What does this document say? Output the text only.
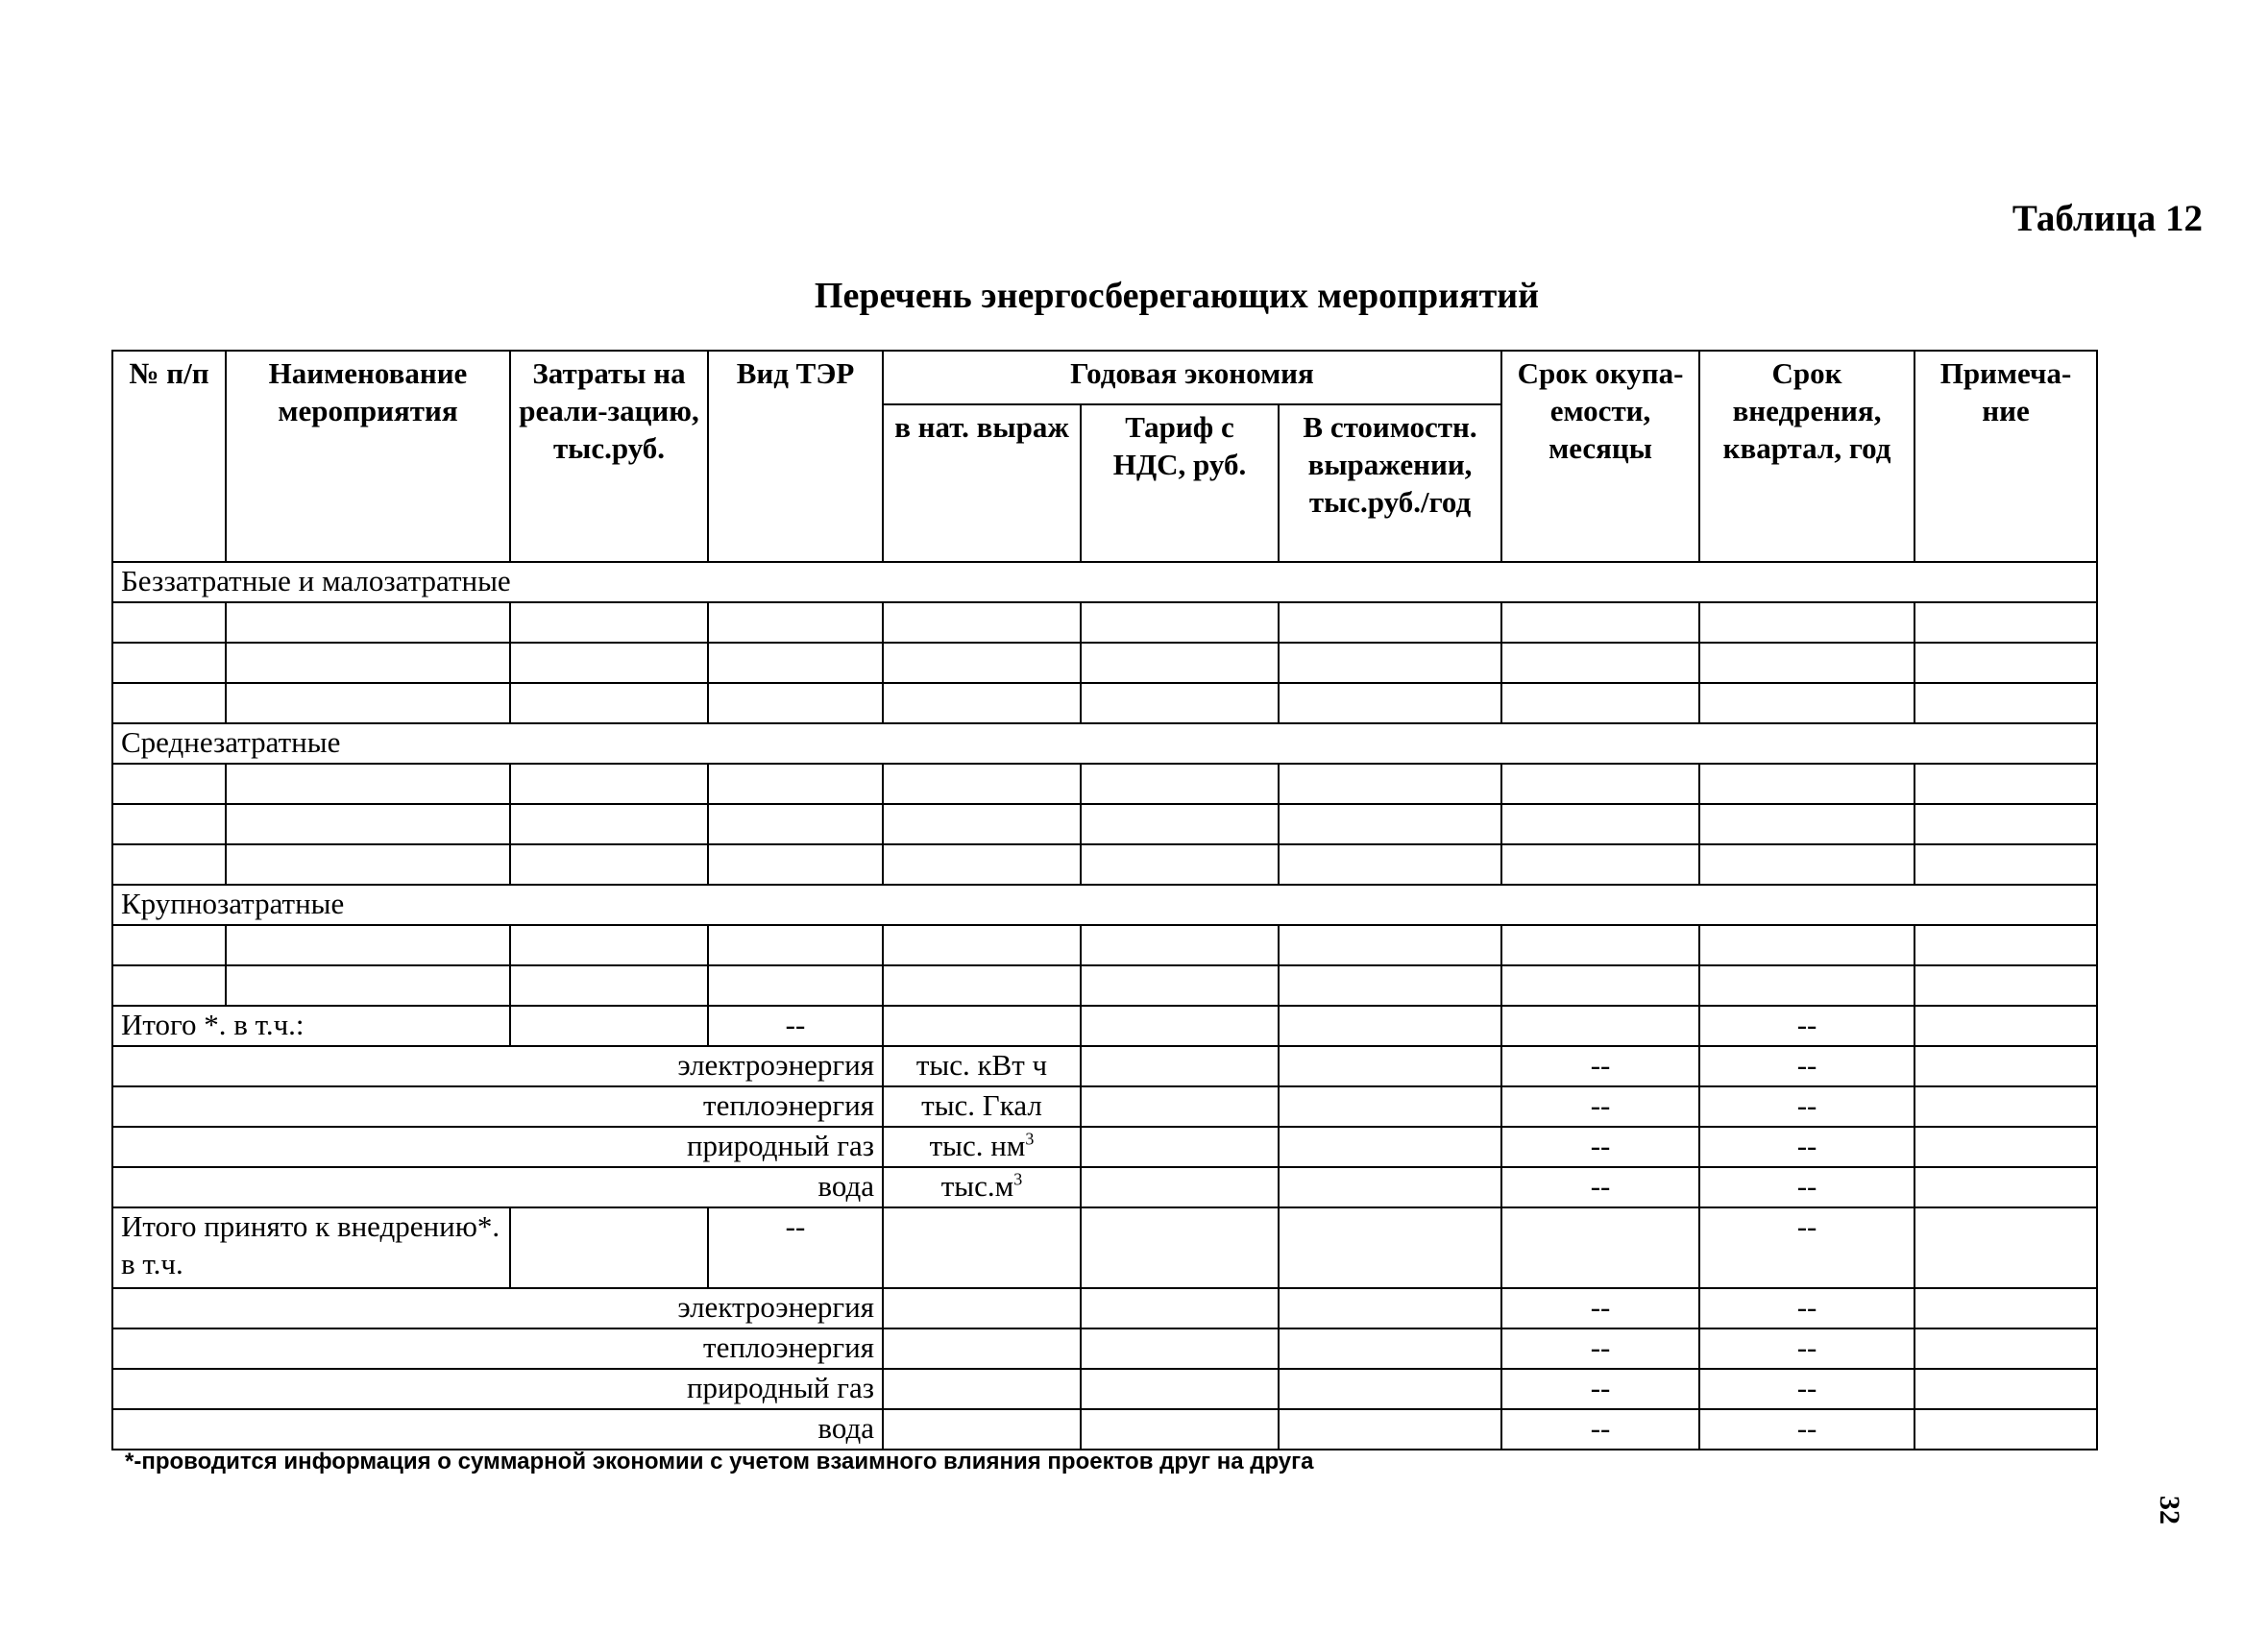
Таблица 12
Перечень энергосберегающих мероприятий
№ п/п	Наименование мероприятия	Затраты на реали-зацию, тыс.руб.	Вид ТЭР	Годовая экономия			Срок окупа-емости, месяцы	Срок внедрения, квартал, год	Примеча-ние
				в нат. выраж	Тариф с НДС, руб.	В стоимостн. выражении, тыс.руб./год			
Беззатратные и малозатратные									

Среднезатратные									

Крупнозатратные									

Итого *. в т.ч.:			--					--	
электроэнергия				тыс. кВт ч			--	--	
теплоэнергия				тыс. Гкал			--	--	
природный газ				тыс. $нм^3$			--	--	
вода				$тыс.м^3$			--	--	
Итого принято к внедрению*. в т.ч.			--					--	
электроэнергия							--	--	
теплоэнергия							--	--	
природный газ							--	--	
вода							--	--	
*-проводится информация о суммарной экономии с учетом взаимного влияния проектов друг на друга
32
